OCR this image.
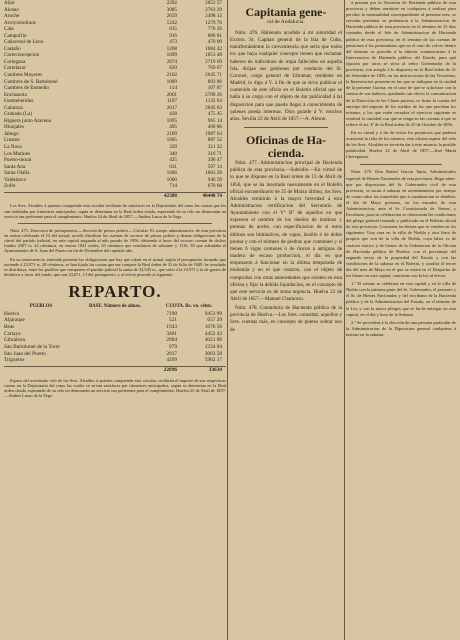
Aljar	2292	2052 57
Alosno	3085	2763 29
Aroche	2659	2498 12
Arroyomolinos	1242	1279 76
Cala	815	776 26
Campofrio	916	806 81
Cañaveral de Leon	473	479 09
Castaño	1208	1084 42
Corteconcepcion	1099	1053 48
Cortegana	2874	2719 69
Cortelazor	820	769 67
Cumbres Mayores	2102	2045 71
Cumbres de S. Bartolomé	1089	893 86
Cumbres de Enmedio	114	107 87
Encinasola	2061	2709 26
Fuenteheridos	1197	1132 64
Galaroza	2017	2045 83
Granado (La)	438	475 45
Higuera junto Aracena	1095	965 14
Hinojales	495	460 86
Jabugo	2189	1987 64
Linares	1005	887 52
La Nava	339	311 32
Los Marines	340	316 71
Puerto-moral	425	390 47
Santa Ana	631	597 14
Santa Olalla	1666	1663 28
Valdelarco	1000	946 59
Zufre	714	676 68
42388	40440 74
Los Sres. Alcaldes á quienes comprende esta circular recibirán de satisfacer en la Depositaría del ramo las cuotas que les van señaladas por trimestres anticipados, según se determina en la Real órden citada, esperando de su celo no demorarán un servicio tan preferente para el cumplimiento. Huelva 24 de Abril de 1857.—Andres Lasso de la Vega.
Núm. 475. Direccion de presupuestos.—Sección de presos pobres.—Circular. El cuerpo administrativo de esta provincia en sesion celebrada el 23 del actual, acordó distribuir las cuentas de socorro de presos pobres y demas obligaciones de la cárcel del partido judicial, en este capital asignada al año pasado de 1856, debiendo á favor del socorro común de dichos fondos 2307 rs. 42 céntimos, en sesion 1041 reales, 65 céntimos que resultaron de sobrante y 1116, 50 que adeudaba el Ayuntamiento de S. Juan del Puerto en fin de Diciembre del repetido año.
En su consecuencia, teniendo presente las obligaciones que hay que cubrir en el actual, según el presupuesto formado que asciende á 23,971 rs. 28 céntimos, se han fijado las cuotas que me compete la Real órden de 31 de Julio de 1849, he acordado se distribuya, entre los pueblos que componen el partido judicial la suma de 32,543 rs., que sufre á la 23,971 y la de gastos de desfalcos a favor del fondo, que son 23,671, 13 del presupuesto, y al efecto procedo al siguiente
REPARTO.
PUEBLOS	BASE. Número de almas.	CUOTA. Rs. vn. cénts.
Huelva	7190	9453 99
Aljaraque	521	657 29
Beas	1943	1670 56
Cartaya	3461	4452 43
Gibraleon	2904	4021 96
San Bartolomé de la Torre	979	1234 04
San Juan del Puerto	2037	3063 58
Trigueros	4399	5962 17
22896	33634
Espero del acreditado celo de los Sres. Alcaldes á quienes comprende esta circular, recibirán el importe de sus respectivas cuotas en la Depositaría del ramo las cuales se sirvan satisfacer por trimestres anticipados, según se determina en la Real órden citada, esperando de su celo no demorarán un servicio tan preferente para el cumplimiento. Huelva 25 de Abril de 1857.—Andres Lasso de la Vega.
Capitania gene-
ral de Andalucía.

Núm. 476. Habiendo acudido á mi autoridad el Excmo. Sr. Capitan general de la Isla de Cuba, manifestándome la conveniencia que sería que todos los que haya cualquier concepto tienen que reclamar haberes de individuos de tropa fallecidos en aquella Isla, dirijan sus gestiones por conducto del Sr. Coronel, cargo general de Ultramar, residente en Madrid, lo digo á V. á fin de que se sirva publicar el contenido de este oficio en el Boletin oficial que se halla á su cargo con el objeto de dar publicidad á tal disposicion para que pueda llegar á conocimiento de quienes pueda interesar. Dios guarde á V. muchos años. Sevilla 22 de Abril de 1857.—A. Aleson.

Oficinas de Ha-
cienda.

Núm. 477. Administracion principal de Hacienda pública de esta provincia.—Subsidio.—En virtud de lo que se dispone en la Real órden de 13 de Abril de 1856, que se ha insertado nuevamente en el Boletin oficial extraordinario de 25 de Marzo último, los Sres. Alcaldes remitirán á la mayor brevedad á esta Administracion certificacion del Secretario de Ayuntamiento con el Vº Bº de aquellos en que expresen el nombre de los dueños de molinos y prensas de aceite, con especificacion de si estos últimos son hidráulicos, de vapor, husillo ó de doble prensa y con el número de piedras que contienen y si tienen 6 vigas comunes ó de rincon á antiguas de madera de escaso produccion, el dia en que empezaron á funcionar en la última temporada de molienda y en el que cesaron, con el objeto de comprobar con otras antecedentes que existen en esta oficina y fijar la debida liquidacion, en el concepto de que este servicio es de suma urgencia. Huelva 22 de Abril de 1857.—Manuel Chamorro.

Núm. 478. Contaduría de Hacienda pública de la provincia de Huelva.—Los Sres. consultar, aquellos y Sres. cuentas más, en concepto de puntos sobrar uso de

á presion por la Tesoreria de Hacienda pública de esta provincia y deben remitirse en cualquiera á realizar para percibir la mensualidad correspondiente al presente mes, se servirán presentar su pretension á la Administracion de Hacienda pública de esta provincia en el término de 15 días contados desde el Jefe de Administracion de Hacienda pública de esta provincia, en el término de las cuentas de pensiones á los pensionistas que en el caso de volver dentro del término se proceda á la ulterior comunicacion á la Intervencion de Hacienda pública del Estado, para qué fijación por otros se sirva al señor Gobernador de la provincia, con arreglo á lo dispuesto en la Real órden de 21 de Setiembre de 1856, en las instrucciones de las Tesorerias, la Intervencion presente en las que se indiquen en la ciudad de la presente Gaceta, en el caso de que se solicitase con la cuenta de sus haberes, quedando sin efecto la comunicacion de la Dirección de las Clases pasivas, se firme la cuenta del anticipo del importe de los sueldos de los que perciban los mismos, y los que estén cerrados el ejercicio siguiente se remitirá la cantidad con que se tenga en las cuentas á que se refiere el art. 4º de la Real órden de 25 de Octubre de 1856.

En su virtud y á fin de evitar los perjuicios que pudiera ocasionar la falta de los mismos, esta oficina espera del celo de los Sres. Alcaldes se servirán dar á este anuncio la posible publicidad. Huelva 22 de Abril de 1857.—José María Chereguinor.

Núm. 479. Don Rafael Garcia Tapia, Administrador especial de Bienes Nacionales de esta provincia. Hago saber: que por disposicion del Sr. Gobernador civil de esta provincia, se sacan á subasta en arrendamiento por tiempo de cuatro años los inmuebles que á continuacion se detallan: el día de Mayo próximo, en los estrados de esta Administracion, ante el Sr. Comisionado de Ventas, y Escribano, para su celebracion se observarán las condiciones del pliego general formado y publicado en el Boletin oficial de esta provincia. Consisten los bienes que se venden en los siguientes: Una casa en la villa de Niebla y otra finca de propios que son de la villa de Niebla, cuya labor es de carácter rústico y de bienes de la Ordenacion de la Oficina de Hacienda pública de Huelva, con el porcentaje del segundo tercio de la propiedad del Estado y con las condiciones de la subasta en el Boletin, y acudirá al tercer día del mes de Mayo en el que se estará en el Despacho de los bienes en esta capital, conforme con la ley al efecto,

1.º El remate se celebrará en este capital y en la villa de Niebla con la primera parte del Sr. Gobernador, el presente y el Sr. de Bienes Nacionales y del escribano de la Hacienda pública y de la Administracion del Estado, en el término de la Ley y con la nueva pliegos que se ha de entregar en esta capital, en el día y hora de la Subasta.

2.º Se procederá á la elección de una persona particular de la Administracion de la Diputacion general cualquiera á instruir en la subasta.
